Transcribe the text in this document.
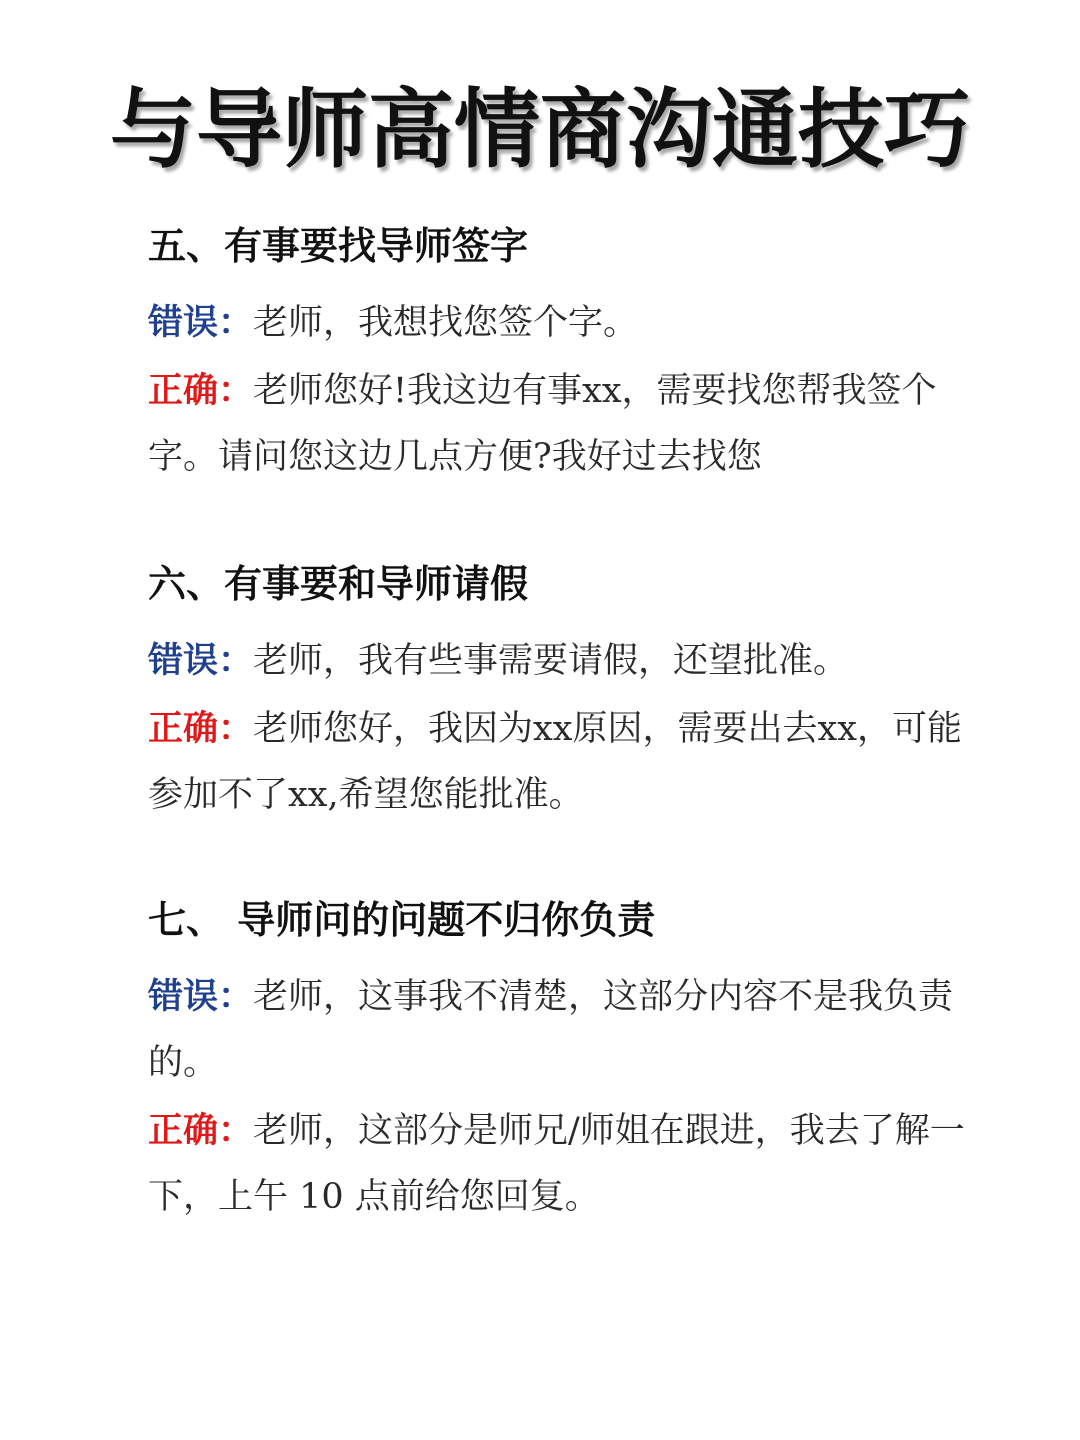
与导师高情商沟通技巧
五、有事要找导师签字
错误：老师，我想找您签个字。
正确：老师您好!我这边有事xx，需要找您帮我签个字。请问您这边几点方便?我好过去找您
六、有事要和导师请假
错误：老师，我有些事需要请假，还望批准。
正确：老师您好，我因为xx原因，需要出去xx，可能参加不了xx,希望您能批准。
七、 导师问的问题不归你负责
错误：老师，这事我不清楚，这部分内容不是我负责的。
正确：老师，这部分是师兄/师姐在跟进，我去了解一下，上午 10 点前给您回复。
